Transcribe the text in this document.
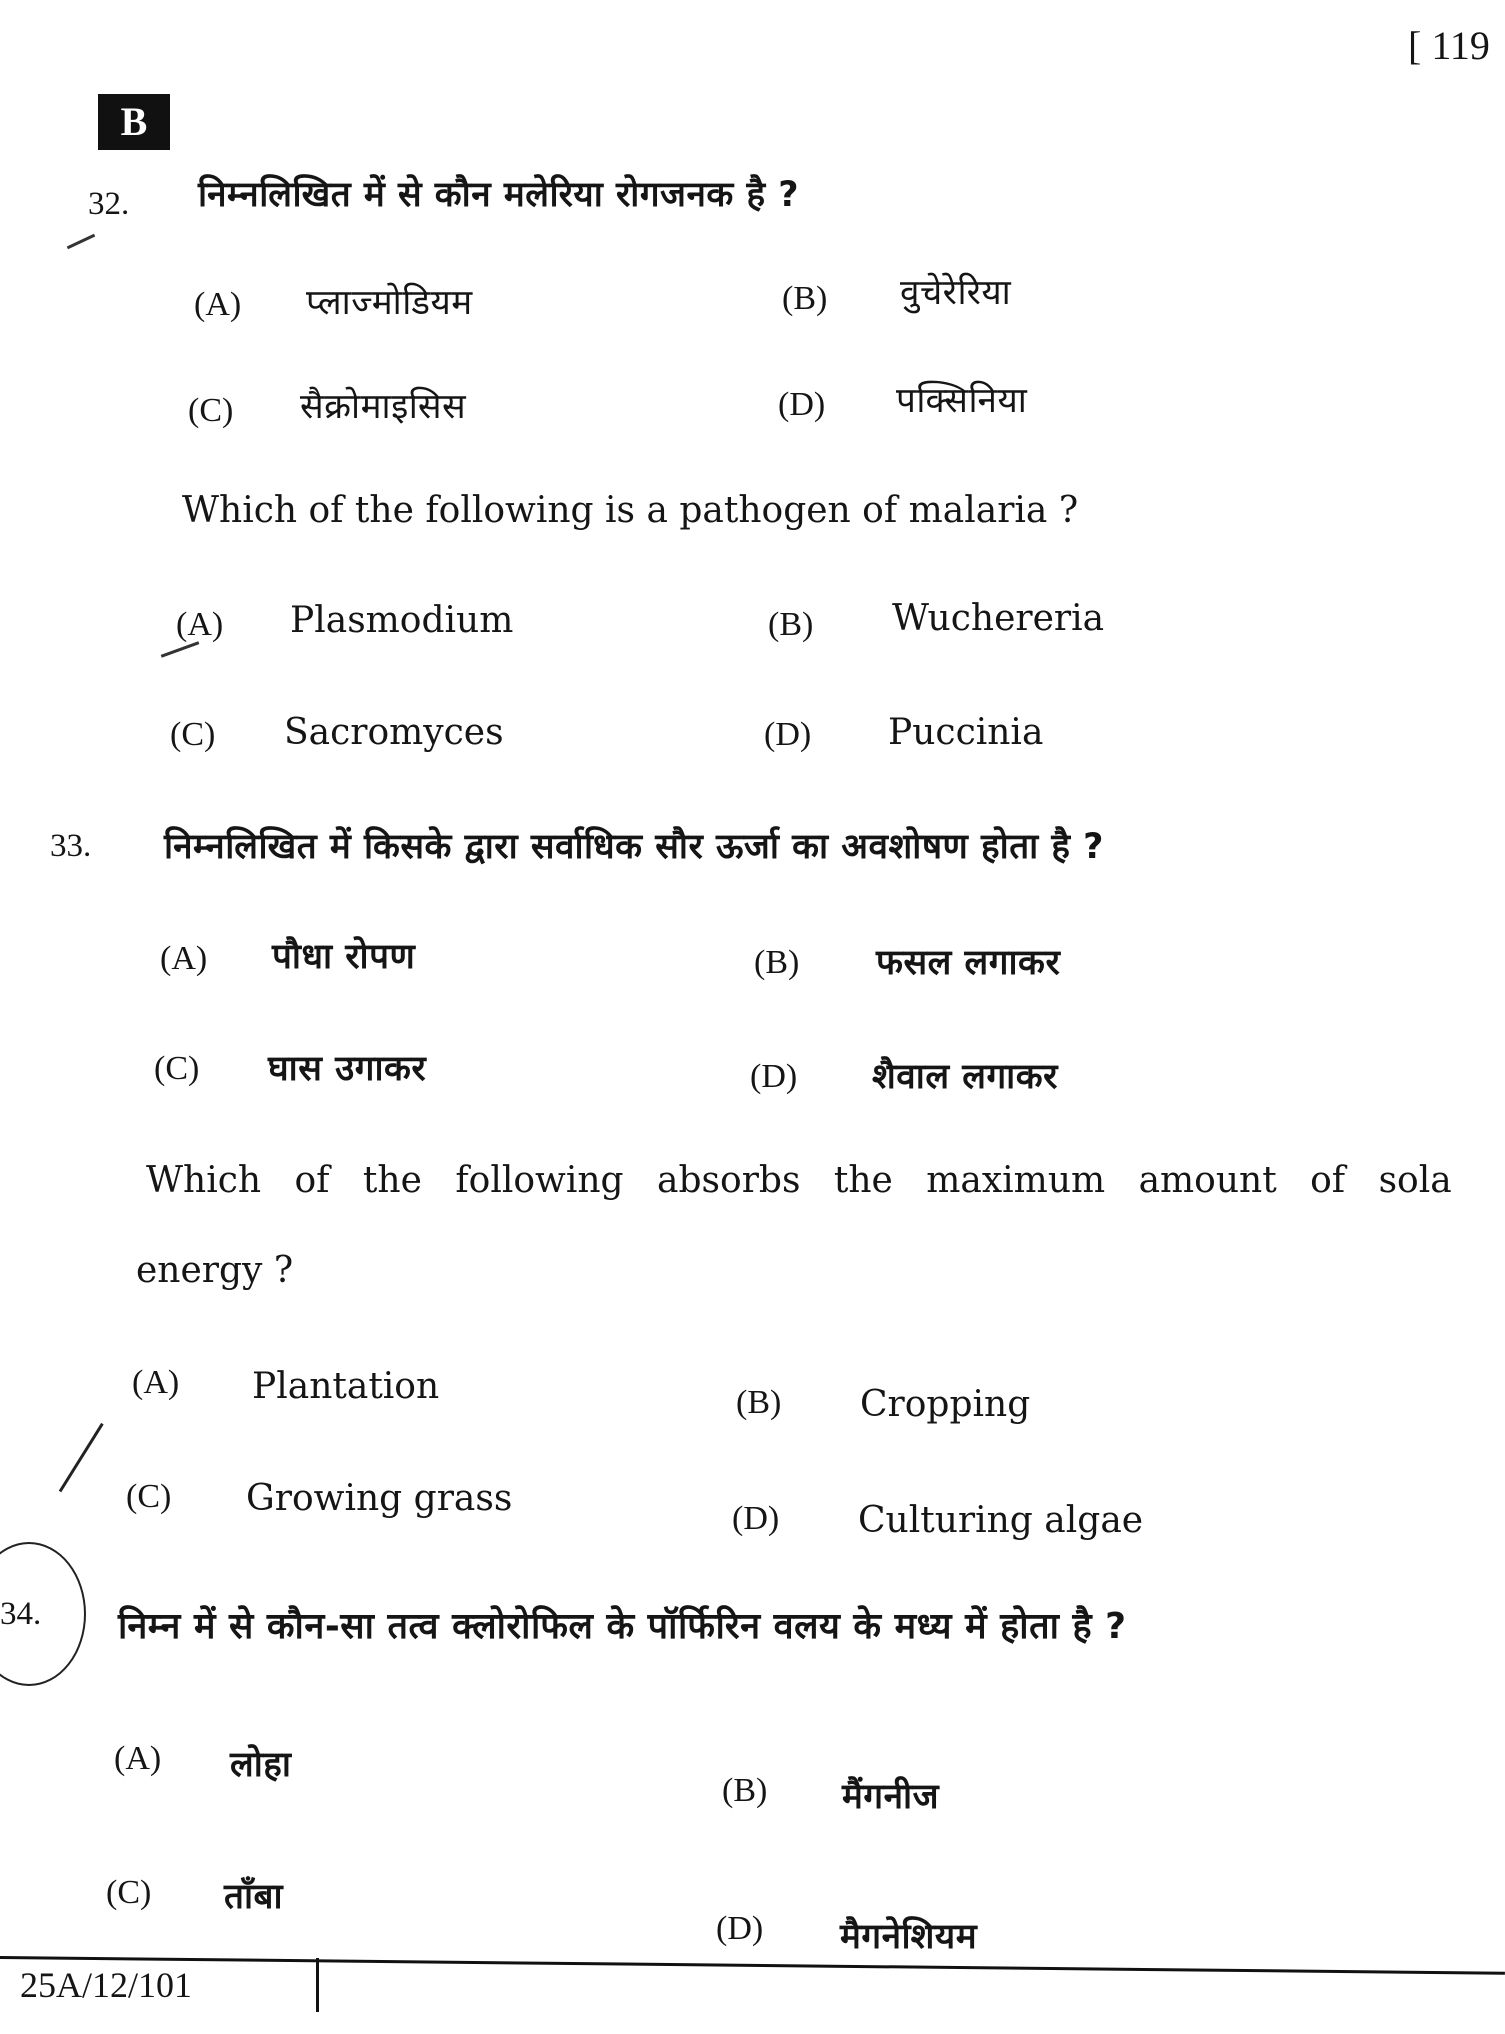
[ 119
B
32. निम्नलिखित में से कौन मलेरिया रोगजनक है ?
(A) प्लाज्मोडियम	(B) वुचेरेरिया
(C) सैक्रोमाइसिस	(D) पक्सिनिया
Which of the following is a pathogen of malaria ?
(A) Plasmodium	(B) Wuchereria
(C) Sacromyces	(D) Puccinia
33. निम्नलिखित में किसके द्वारा सर्वाधिक सौर ऊर्जा का अवशोषण होता है ?
(A) पौधा रोपण	(B) फसल लगाकर
(C) घास उगाकर	(D) शैवाल लगाकर
Which of the following absorbs the maximum amount of sola
energy ?
(A) Plantation	(B) Cropping
(C) Growing grass	(D) Culturing algae
34. निम्न में से कौन-सा तत्व क्लोरोफिल के पॉर्फिरिन वलय के मध्य में होता है ?
(A) लोहा
(B) मैंगनीज
(C) ताँबा
(D) मैगनेशियम
25A/12/101
